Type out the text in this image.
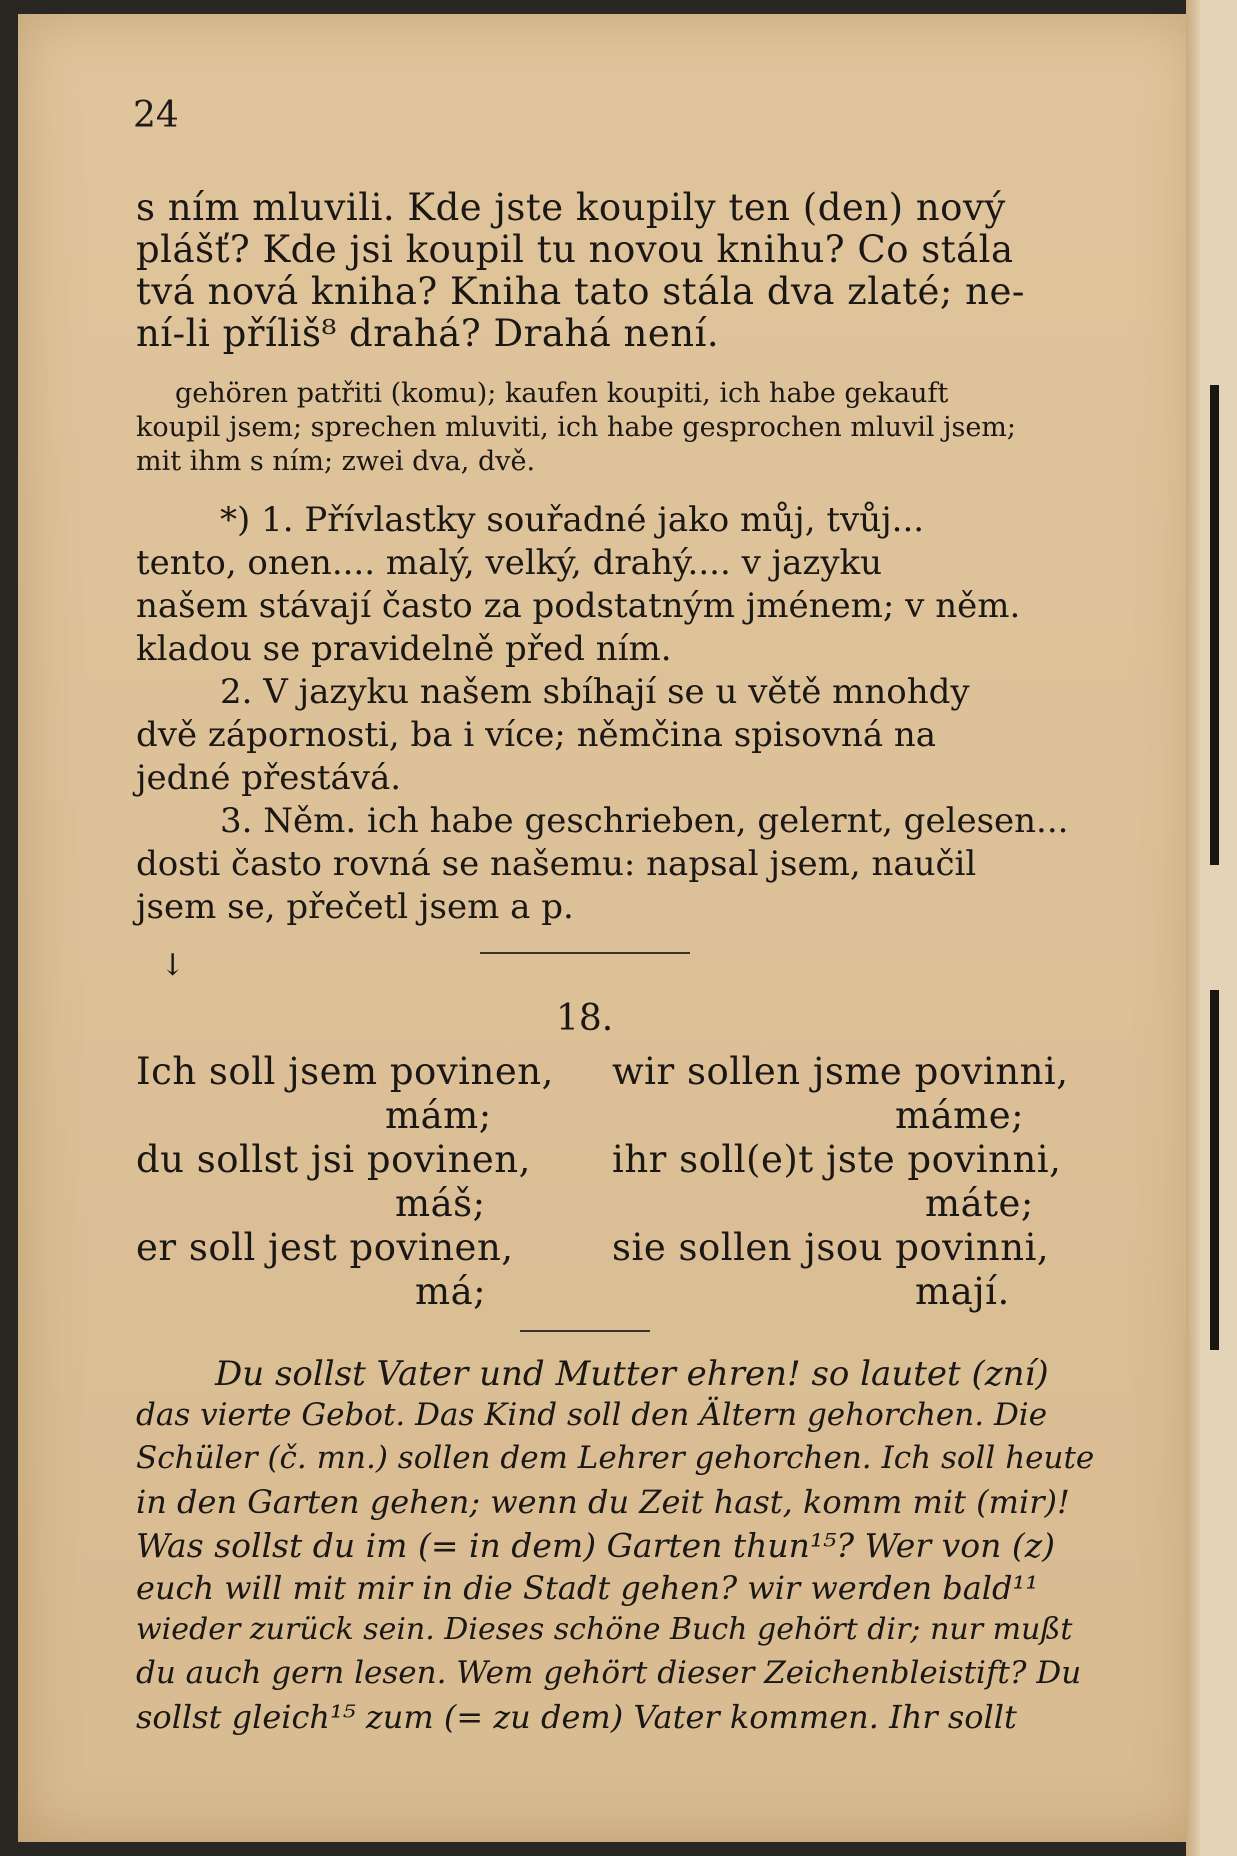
↓
24
s ním mluvili. Kde jste koupily ten (den) nový
plášť? Kde jsi koupil tu novou knihu? Co stála
tvá nová kniha? Kniha tato stála dva zlaté; ne-
ní-li příliš⁸ drahá? Drahá není.
gehören patřiti (komu); kaufen koupiti, ich habe gekauft
koupil jsem; sprechen mluviti, ich habe gesprochen mluvil jsem;
mit ihm s ním; zwei dva, dvě.
*) 1. Přívlastky souřadné jako můj, tvůj...
tento, onen.... malý, velký, drahý.... v jazyku
našem stávají často za podstatným jménem; v něm.
kladou se pravidelně před ním.
2. V jazyku našem sbíhají se u větě mnohdy
dvě zápornosti, ba i více; němčina spisovná na
jedné přestává.
3. Něm. ich habe geschrieben, gelernt, gelesen...
dosti často rovná se našemu: napsal jsem, naučil
jsem se, přečetl jsem a p.
18.
Ich soll jsem povinen,
mám;
du sollst jsi povinen,
máš;
er soll jest povinen,
má;
wir sollen jsme povinni,
máme;
ihr soll(e)t jste povinni,
máte;
sie sollen jsou povinni,
mají.
Du sollst Vater und Mutter ehren! so lautet (zní)
das vierte Gebot. Das Kind soll den Ältern gehorchen. Die
Schüler (č. mn.) sollen dem Lehrer gehorchen. Ich soll heute
in den Garten gehen; wenn du Zeit hast, komm mit (mir)!
Was sollst du im (= in dem) Garten thun¹⁵? Wer von (z)
euch will mit mir in die Stadt gehen? wir werden bald¹¹
wieder zurück sein. Dieses schöne Buch gehört dir; nur mußt
du auch gern lesen. Wem gehört dieser Zeichenbleistift? Du
sollst gleich¹⁵ zum (= zu dem) Vater kommen. Ihr sollt
